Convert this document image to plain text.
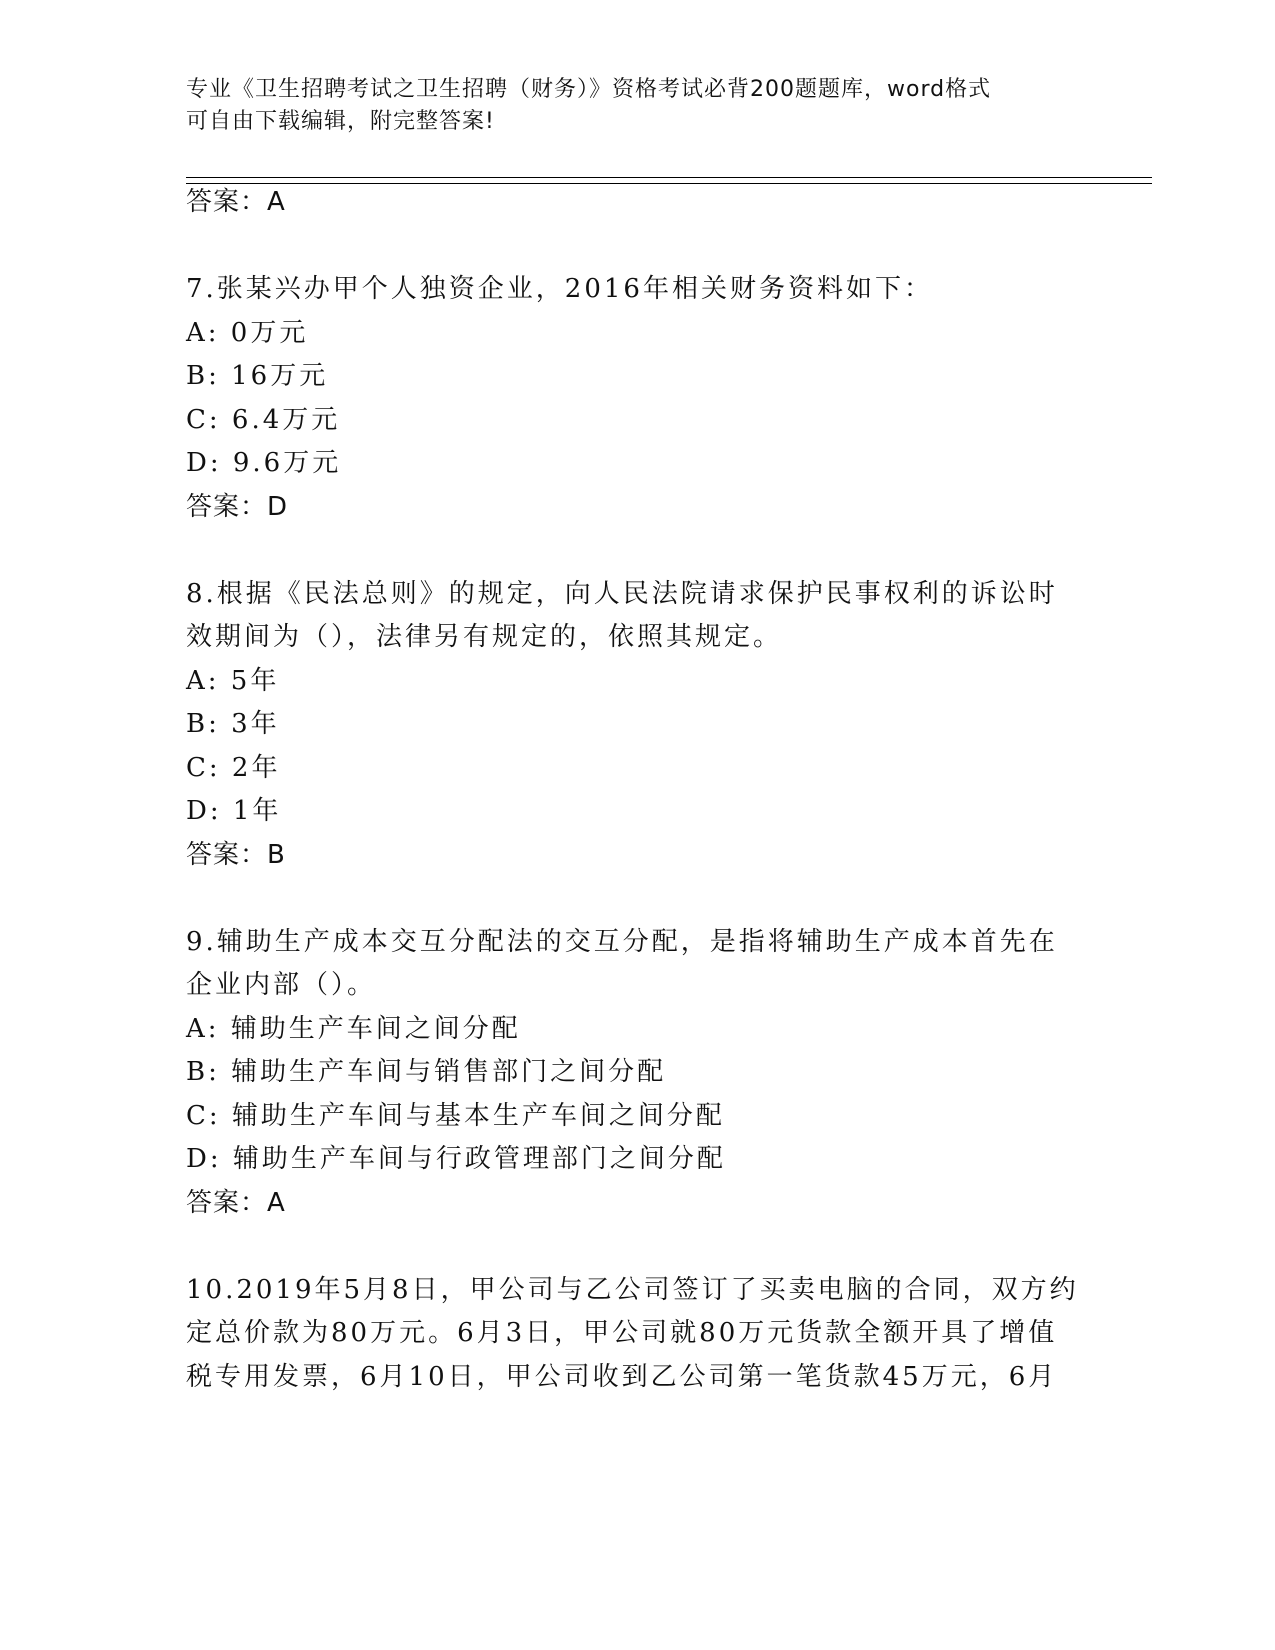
专业《卫生招聘考试之卫生招聘（财务）》资格考试必背200题题库，word格式
可自由下载编辑，附完整答案!
答案：A
7.张某兴办甲个人独资企业，2016年相关财务资料如下：
A: 0万元
B: 16万元
C: 6.4万元
D: 9.6万元
答案：D
8.根据《民法总则》的规定，向人民法院请求保护民事权利的诉讼时
效期间为（），法律另有规定的，依照其规定。
A: 5年
B: 3年
C: 2年
D: 1年
答案：B
9.辅助生产成本交互分配法的交互分配，是指将辅助生产成本首先在
企业内部（）。
A: 辅助生产车间之间分配
B: 辅助生产车间与销售部门之间分配
C: 辅助生产车间与基本生产车间之间分配
D: 辅助生产车间与行政管理部门之间分配
答案：A
10.2019年5月8日，甲公司与乙公司签订了买卖电脑的合同，双方约
定总价款为80万元。6月3日，甲公司就80万元货款全额开具了增值
税专用发票，6月10日，甲公司收到乙公司第一笔货款45万元，6月
